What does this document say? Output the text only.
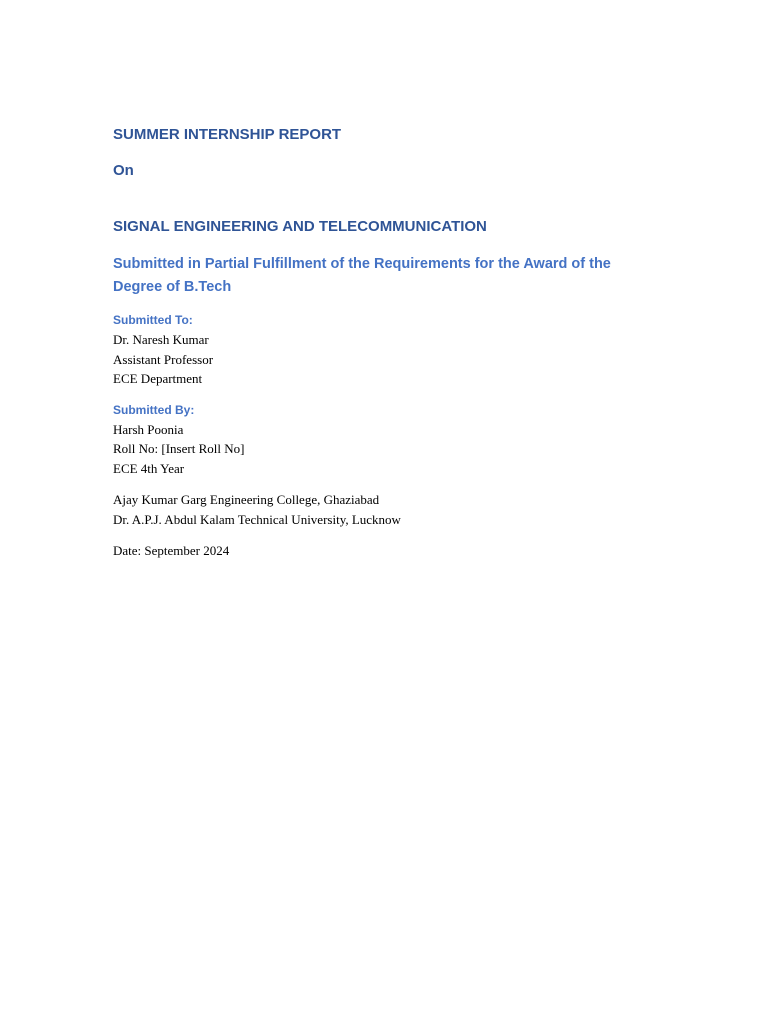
SUMMER INTERNSHIP REPORT

On

SIGNAL ENGINEERING AND TELECOMMUNICATION

Submitted in Partial Fulfillment of the Requirements for the Award of the Degree of B.Tech

Submitted To:

Dr. Naresh Kumar

Assistant Professor

ECE Department

Submitted By:

Harsh Poonia

Roll No: [Insert Roll No]

ECE 4th Year

Ajay Kumar Garg Engineering College, Ghaziabad

Dr. A.P.J. Abdul Kalam Technical University, Lucknow

Date: September 2024
